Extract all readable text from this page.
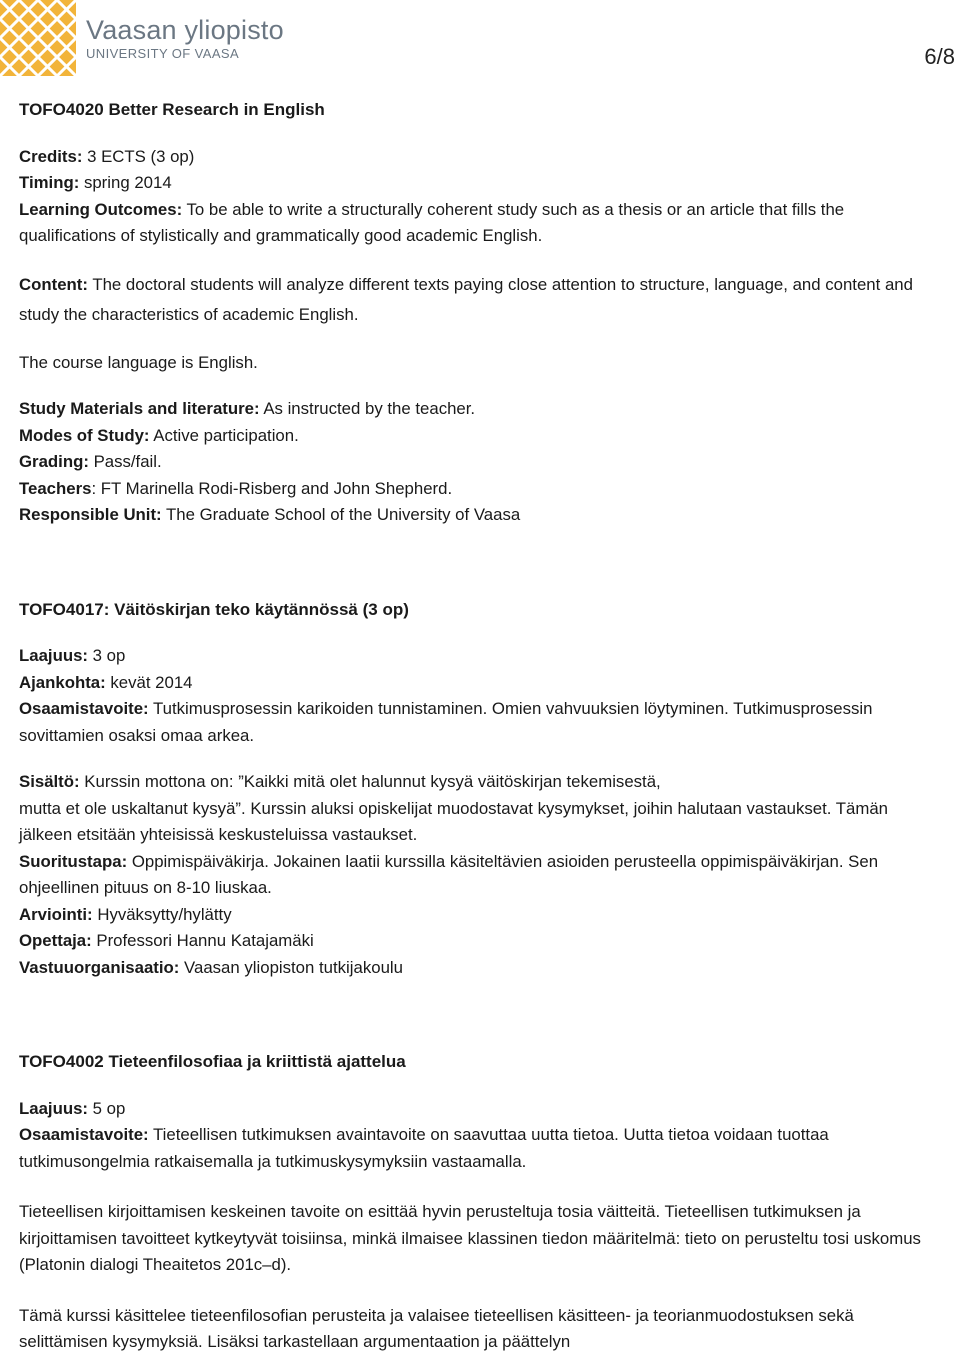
Vaasan yliopisto
UNIVERSITY OF VAASA	6/8

TOFO4020 Better Research in English

Credits: 3 ECTS (3 op)

Timing: spring 2014

Learning Outcomes: To be able to write a structurally coherent study such as a thesis or an article that fills the qualifications of stylistically and grammatically good academic English.

Content: The doctoral students will analyze different texts paying close attention to structure, language, and content and study the characteristics of academic English.

The course language is English.

Study Materials and literature: As instructed by the teacher.

Modes of Study: Active participation.

Grading: Pass/fail.

Teachers: FT Marinella Rodi-Risberg and John Shepherd.

Responsible Unit: The Graduate School of the University of Vaasa

TOFO4017: Väitöskirjan teko käytännössä (3 op)

Laajuus: 3 op

Ajankohta: kevät 2014

Osaamistavoite: Tutkimusprosessin karikoiden tunnistaminen. Omien vahvuuksien löytyminen. Tutkimusprosessin sovittamien osaksi omaa arkea.

Sisältö: Kurssin mottona on: ”Kaikki mitä olet halunnut kysyä väitöskirjan tekemisestä,
mutta et ole uskaltanut kysyä”. Kurssin aluksi opiskelijat muodostavat kysymykset, joihin halutaan vastaukset. Tämän jälkeen etsitään yhteisissä keskusteluissa vastaukset.

Suoritustapa: Oppimispäiväkirja. Jokainen laatii kurssilla käsiteltävien asioiden perusteella oppimispäiväkirjan. Sen ohjeellinen pituus on 8-10 liuskaa.

Arviointi: Hyväksytty/hylätty

Opettaja: Professori Hannu Katajamäki

Vastuuorganisaatio: Vaasan yliopiston tutkijakoulu

TOFO4002 Tieteenfilosofiaa ja kriittistä ajattelua

Laajuus: 5 op

Osaamistavoite: Tieteellisen tutkimuksen avaintavoite on saavuttaa uutta tietoa. Uutta tietoa voidaan tuottaa tutkimusongelmia ratkaisemalla ja tutkimuskysymyksiin vastaamalla.

Tieteellisen kirjoittamisen keskeinen tavoite on esittää hyvin perusteltuja tosia väitteitä. Tieteellisen tutkimuksen ja kirjoittamisen tavoitteet kytkeytyvät toisiinsa, minkä ilmaisee klassinen tiedon määritelmä: tieto on perusteltu tosi uskomus (Platonin dialogi Theaitetos 201c–d).

Tämä kurssi käsittelee tieteenfilosofian perusteita ja valaisee tieteellisen käsitteen- ja teorianmuodostuksen sekä selittämisen kysymyksiä. Lisäksi tarkastellaan argumentaation ja päättelyn
